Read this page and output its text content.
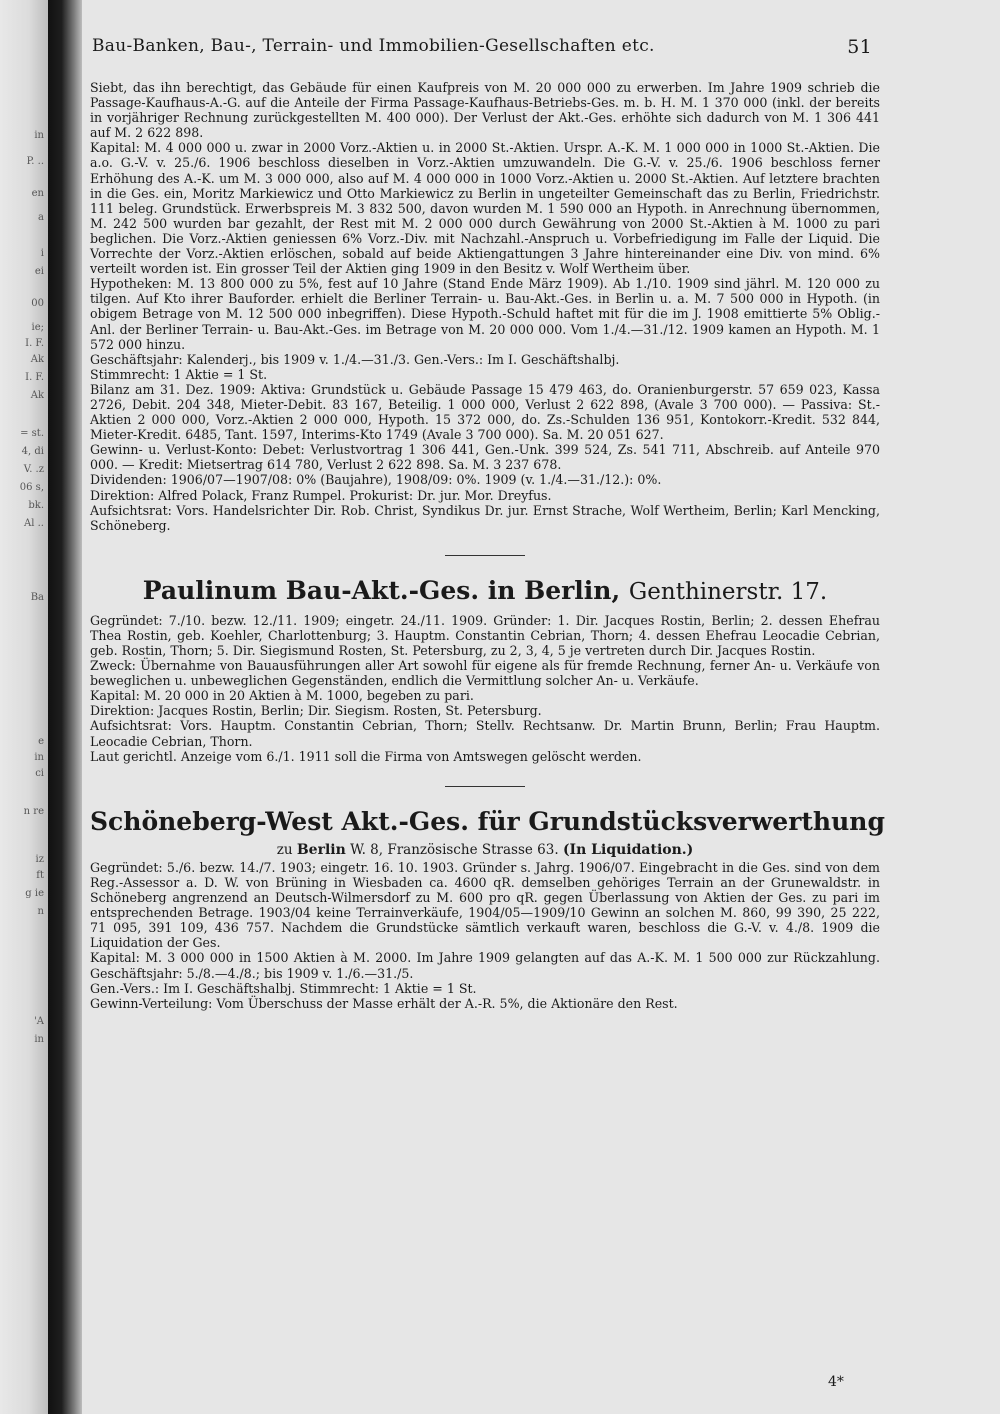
in
P. ..
en
a
i
ei
00
ie;
I. F.
Ak
I. F.
Ak
= st.
4, di
V. .z
06 s,
bk.
Al ..
Ba
e
in
ci
n re
iz
ft
g ie
n
'A
in
Bau-Banken, Bau-, Terrain- und Immobilien-Gesellschaften etc.	51

Siebt, das ihn berechtigt, das Gebäude für einen Kaufpreis von M. 20 000 000 zu erwerben. Im Jahre 1909 schrieb die Passage-Kaufhaus-A.-G. auf die Anteile der Firma Passage-Kaufhaus-Betriebs-Ges. m. b. H. M. 1 370 000 (inkl. der bereits in vorjähriger Rechnung zurückgestellten M. 400 000). Der Verlust der Akt.-Ges. erhöhte sich dadurch von M. 1 306 441 auf M. 2 622 898.

Kapital: M. 4 000 000 u. zwar in 2000 Vorz.-Aktien u. in 2000 St.-Aktien. Urspr. A.-K. M. 1 000 000 in 1000 St.-Aktien. Die a.o. G.-V. v. 25./6. 1906 beschloss dieselben in Vorz.-Aktien umzuwandeln. Die G.-V. v. 25./6. 1906 beschloss ferner Erhöhung des A.-K. um M. 3 000 000, also auf M. 4 000 000 in 1000 Vorz.-Aktien u. 2000 St.-Aktien. Auf letztere brachten in die Ges. ein, Moritz Markiewicz und Otto Markiewicz zu Berlin in ungeteilter Gemeinschaft das zu Berlin, Friedrichstr. 111 beleg. Grundstück. Erwerbspreis M. 3 832 500, davon wurden M. 1 590 000 an Hypoth. in Anrechnung übernommen, M. 242 500 wurden bar gezahlt, der Rest mit M. 2 000 000 durch Gewährung von 2000 St.-Aktien à M. 1000 zu pari beglichen. Die Vorz.-Aktien geniessen 6% Vorz.-Div. mit Nachzahl.-Anspruch u. Vorbefriedigung im Falle der Liquid. Die Vorrechte der Vorz.-Aktien erlöschen, sobald auf beide Aktiengattungen 3 Jahre hintereinander eine Div. von mind. 6% verteilt worden ist. Ein grosser Teil der Aktien ging 1909 in den Besitz v. Wolf Wertheim über.

Hypotheken: M. 13 800 000 zu 5%, fest auf 10 Jahre (Stand Ende März 1909). Ab 1./10. 1909 sind jährl. M. 120 000 zu tilgen. Auf Kto ihrer Bauforder. erhielt die Berliner Terrain- u. Bau-Akt.-Ges. in Berlin u. a. M. 7 500 000 in Hypoth. (in obigem Betrage von M. 12 500 000 inbegriffen). Diese Hypoth.-Schuld haftet mit für die im J. 1908 emittierte 5% Oblig.-Anl. der Berliner Terrain- u. Bau-Akt.-Ges. im Betrage von M. 20 000 000. Vom 1./4.—31./12. 1909 kamen an Hypoth. M. 1 572 000 hinzu.

Geschäftsjahr: Kalenderj., bis 1909 v. 1./4.—31./3. Gen.-Vers.: Im I. Geschäftshalbj.

Stimmrecht: 1 Aktie = 1 St.

Bilanz am 31. Dez. 1909: Aktiva: Grundstück u. Gebäude Passage 15 479 463, do. Oranienburgerstr. 57 659 023, Kassa 2726, Debit. 204 348, Mieter-Debit. 83 167, Beteilig. 1 000 000, Verlust 2 622 898, (Avale 3 700 000). — Passiva: St.-Aktien 2 000 000, Vorz.-Aktien 2 000 000, Hypoth. 15 372 000, do. Zs.-Schulden 136 951, Kontokorr.-Kredit. 532 844, Mieter-Kredit. 6485, Tant. 1597, Interims-Kto 1749 (Avale 3 700 000). Sa. M. 20 051 627.

Gewinn- u. Verlust-Konto: Debet: Verlustvortrag 1 306 441, Gen.-Unk. 399 524, Zs. 541 711, Abschreib. auf Anteile 970 000. — Kredit: Mietsertrag 614 780, Verlust 2 622 898. Sa. M. 3 237 678.

Dividenden: 1906/07—1907/08: 0% (Baujahre), 1908/09: 0%. 1909 (v. 1./4.—31./12.): 0%.

Direktion: Alfred Polack, Franz Rumpel. Prokurist: Dr. jur. Mor. Dreyfus.

Aufsichtsrat: Vors. Handelsrichter Dir. Rob. Christ, Syndikus Dr. jur. Ernst Strache, Wolf Wertheim, Berlin; Karl Mencking, Schöneberg.

Paulinum Bau-Akt.-Ges. in Berlin, Genthinerstr. 17.

Gegründet: 7./10. bezw. 12./11. 1909; eingetr. 24./11. 1909. Gründer: 1. Dir. Jacques Rostin, Berlin; 2. dessen Ehefrau Thea Rostin, geb. Koehler, Charlottenburg; 3. Hauptm. Constantin Cebrian, Thorn; 4. dessen Ehefrau Leocadie Cebrian, geb. Rostin, Thorn; 5. Dir. Siegismund Rosten, St. Petersburg, zu 2, 3, 4, 5 je vertreten durch Dir. Jacques Rostin.

Zweck: Übernahme von Bauausführungen aller Art sowohl für eigene als für fremde Rechnung, ferner An- u. Verkäufe von beweglichen u. unbeweglichen Gegenständen, endlich die Vermittlung solcher An- u. Verkäufe.

Kapital: M. 20 000 in 20 Aktien à M. 1000, begeben zu pari.

Direktion: Jacques Rostin, Berlin; Dir. Siegism. Rosten, St. Petersburg.

Aufsichtsrat: Vors. Hauptm. Constantin Cebrian, Thorn; Stellv. Rechtsanw. Dr. Martin Brunn, Berlin; Frau Hauptm. Leocadie Cebrian, Thorn.

Laut gerichtl. Anzeige vom 6./1. 1911 soll die Firma von Amtswegen gelöscht werden.

Schöneberg-West Akt.-Ges. für Grundstücksverwerthung
zu Berlin W. 8, Französische Strasse 63. (In Liquidation.)

Gegründet: 5./6. bezw. 14./7. 1903; eingetr. 16. 10. 1903. Gründer s. Jahrg. 1906/07. Eingebracht in die Ges. sind von dem Reg.-Assessor a. D. W. von Brüning in Wiesbaden ca. 4600 qR. demselben gehöriges Terrain an der Grunewaldstr. in Schöneberg angrenzend an Deutsch-Wilmersdorf zu M. 600 pro qR. gegen Überlassung von Aktien der Ges. zu pari im entsprechenden Betrage. 1903/04 keine Terrainverkäufe, 1904/05—1909/10 Gewinn an solchen M. 860, 99 390, 25 222, 71 095, 391 109, 436 757. Nachdem die Grundstücke sämtlich verkauft waren, beschloss die G.-V. v. 4./8. 1909 die Liquidation der Ges.

Kapital: M. 3 000 000 in 1500 Aktien à M. 2000. Im Jahre 1909 gelangten auf das A.-K. M. 1 500 000 zur Rückzahlung. Geschäftsjahr: 5./8.—4./8.; bis 1909 v. 1./6.—31./5.

Gen.-Vers.: Im I. Geschäftshalbj. Stimmrecht: 1 Aktie = 1 St.

Gewinn-Verteilung: Vom Überschuss der Masse erhält der A.-R. 5%, die Aktionäre den Rest.

4*
